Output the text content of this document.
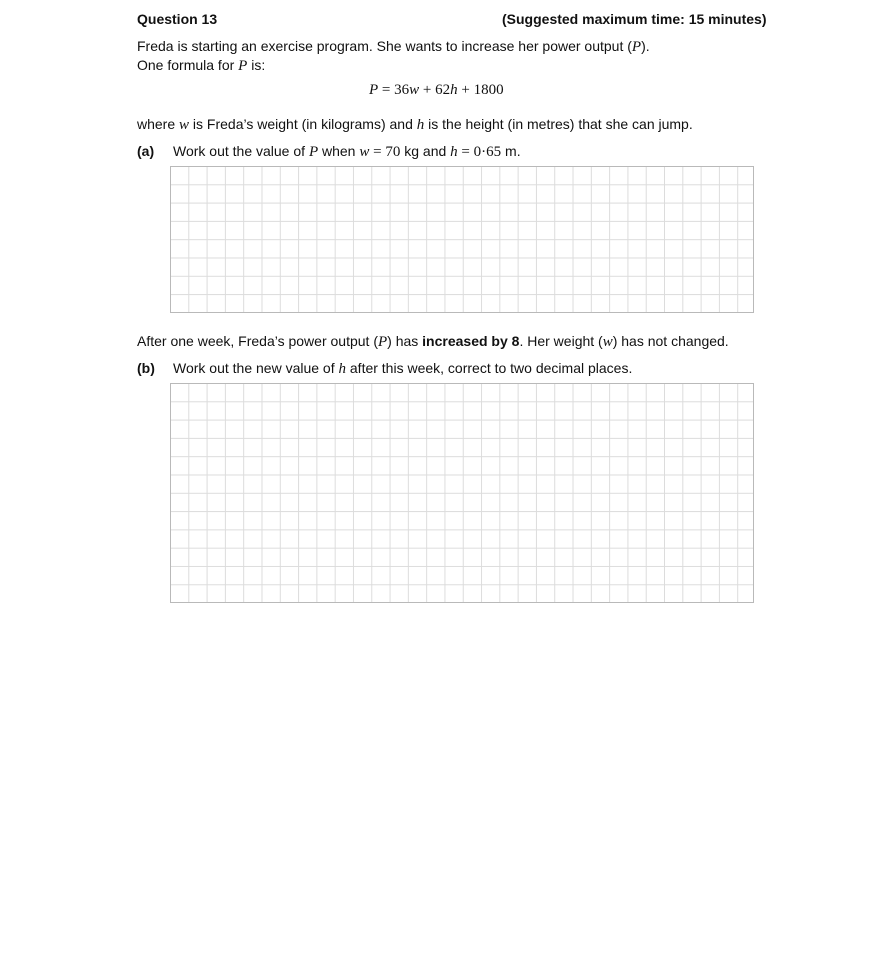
Question 13	(Suggested maximum time: 15 minutes)
Freda is starting an exercise program. She wants to increase her power output (P).
One formula for P is:
P = 36w + 62h + 1800
where w is Freda’s weight (in kilograms) and h is the height (in metres) that she can jump.
(a) Work out the value of P when w = 70 kg and h = 0·65 m.
After one week, Freda’s power output (P) has increased by 8. Her weight (w) has not changed.
(b) Work out the new value of h after this week, correct to two decimal places.
